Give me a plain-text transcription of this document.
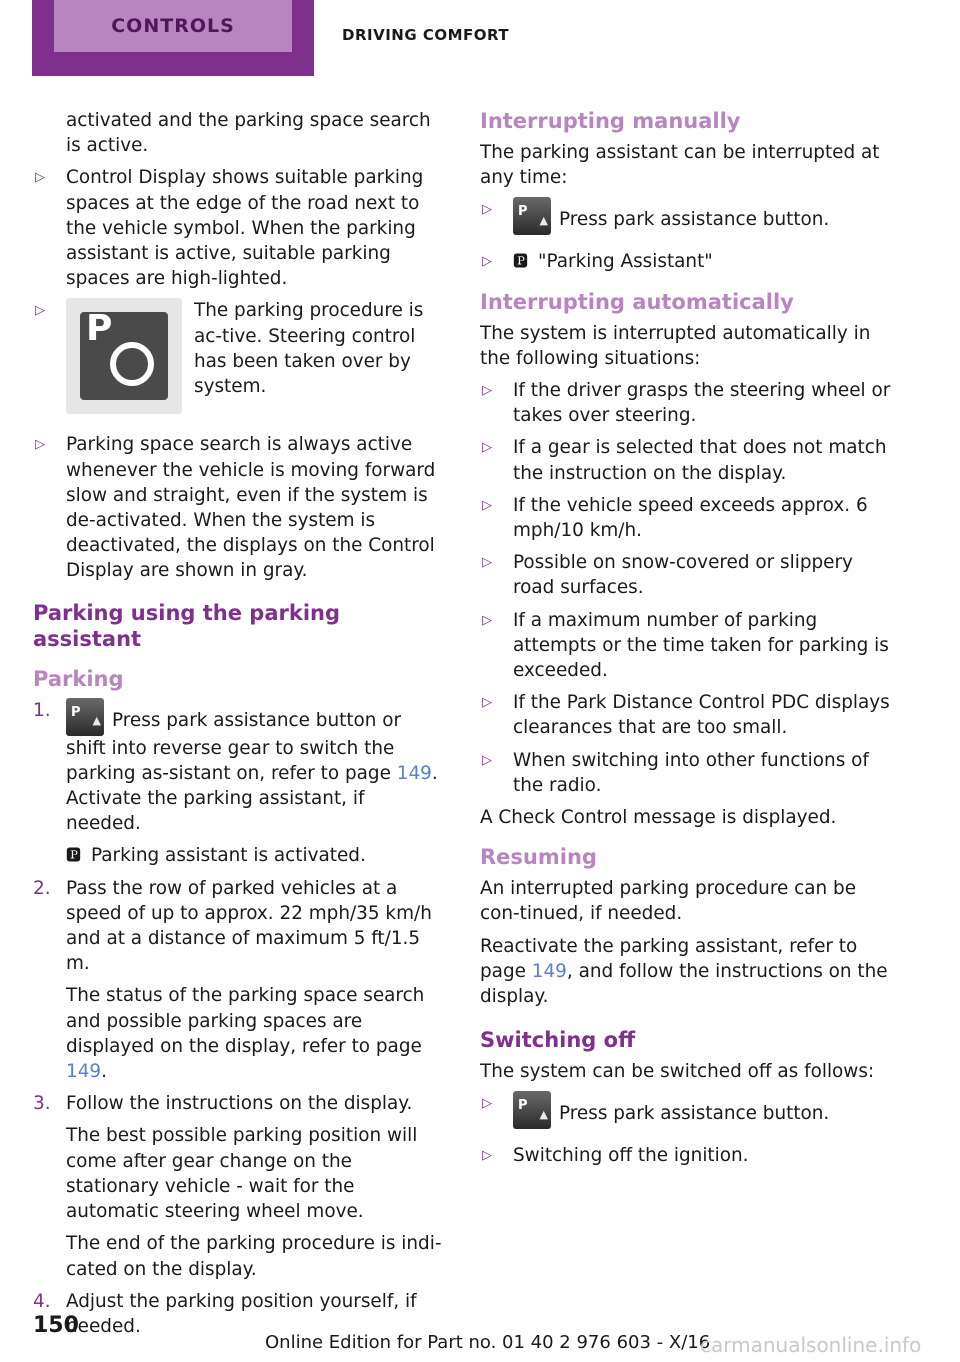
CONTROLS	DRIVING COMFORT

activated and the parking space search is active.

▷	Control Display shows suitable parking spaces at the edge of the road next to the vehicle symbol. When the parking assistant is active, suitable parking spaces are high‐lighted.
▷	P	The parking procedure is ac‐tive. Steering control has been taken over by system.
▷	Parking space search is always active whenever the vehicle is moving forward slow and straight, even if the system is de‐activated. When the system is deactivated, the displays on the Control Display are shown in gray.
Parking using the parking assistant
Parking
1.	P
▲ Press park assistance button or shift into reverse gear to switch the parking as‐sistant on, refer to page 149. Activate the parking assistant, if needed.
🅿 Parking assistant is activated.
2. Pass the row of parked vehicles at a speed of up to approx. 22 mph/35 km/h and at a distance of maximum 5 ft/1.5 m.
The status of the parking space search and possible parking spaces are displayed on the display, refer to page 149.
3. Follow the instructions on the display.
The best possible parking position will come after gear change on the stationary vehicle - wait for the automatic steering wheel move.
The end of the parking procedure is indi‐cated on the display.
4. Adjust the parking position yourself, if needed.
Interrupting manually

The parking assistant can be interrupted at any time:

▷	P
▲ Press park assistance button.
▷	🅿 "Parking Assistant"
Interrupting automatically

The system is interrupted automatically in the following situations:

▷	If the driver grasps the steering wheel or takes over steering.
▷	If a gear is selected that does not match the instruction on the display.
▷	If the vehicle speed exceeds approx. 6 mph/10 km/h.
▷	Possible on snow-covered or slippery road surfaces.
▷	If a maximum number of parking attempts or the time taken for parking is exceeded.
▷	If the Park Distance Control PDC displays clearances that are too small.
▷	When switching into other functions of the radio.

A Check Control message is displayed.

Resuming

An interrupted parking procedure can be con‐tinued, if needed.

Reactivate the parking assistant, refer to page 149, and follow the instructions on the display.

Switching off

The system can be switched off as follows:

▷	P
▲ Press park assistance button.
▷	Switching off the ignition.
150
Online Edition for Part no. 01 40 2 976 603 - X/16
carmanualsonline.info
